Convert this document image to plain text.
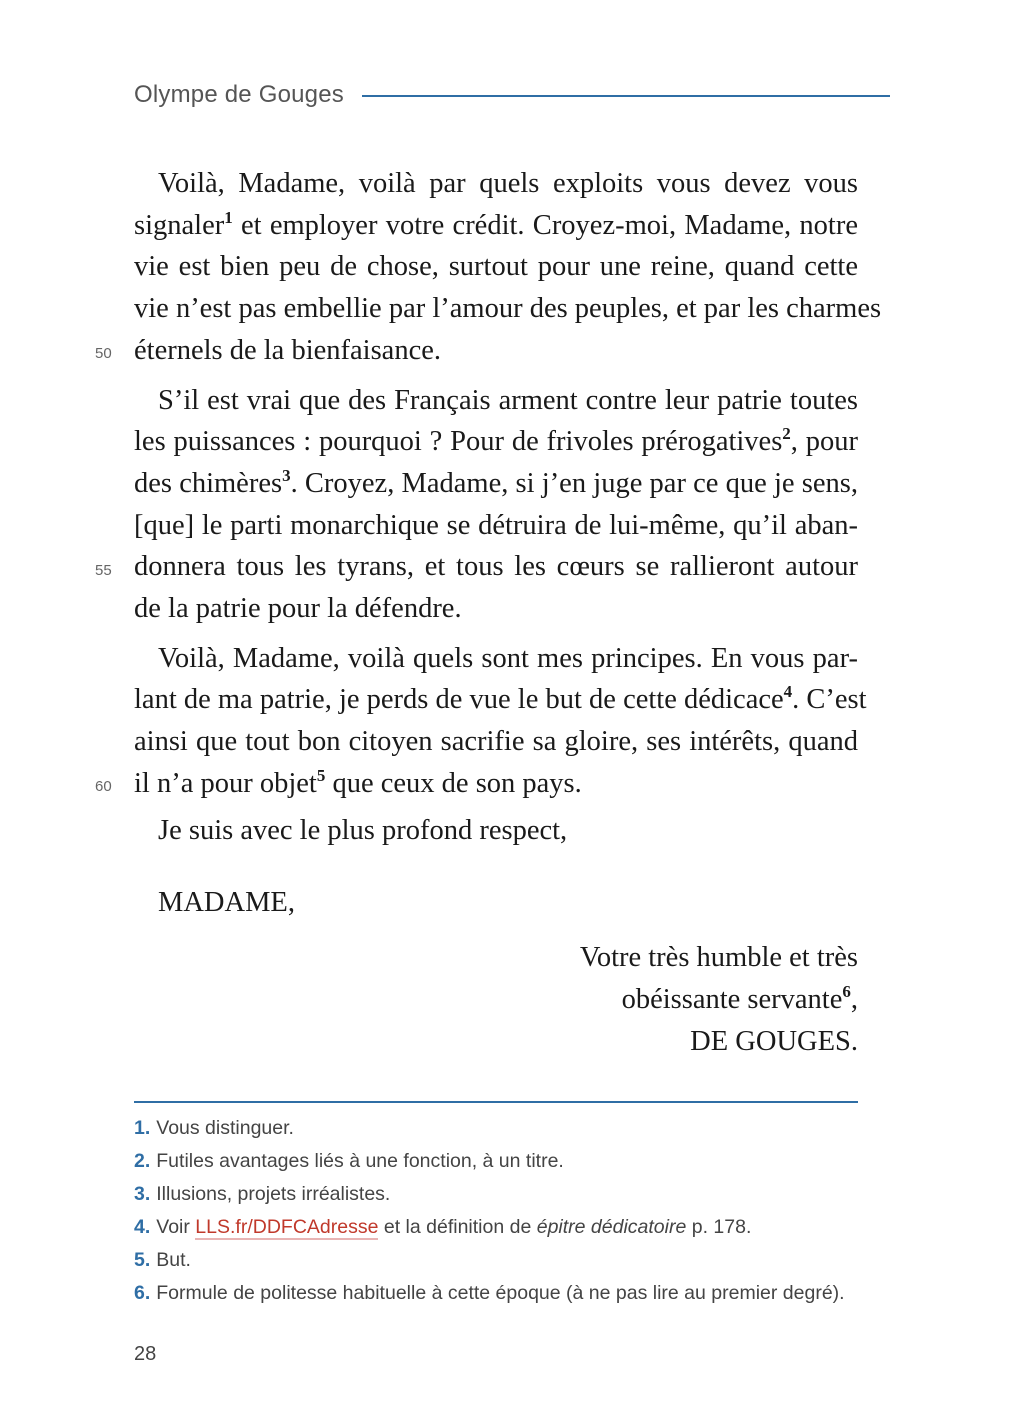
Olympe de Gouges
Voilà, Madame, voilà par quels exploits vous devez vous
signaler$^1$ et employer votre crédit. Croyez-moi, Madame, notre
vie est bien peu de chose, surtout pour une reine, quand cette
vie n’est pas embellie par l’amour des peuples, et par les charmes
éternels de la bienfaisance.
S’il est vrai que des Français arment contre leur patrie toutes
les puissances : pourquoi ? Pour de frivoles prérogatives$^2$, pour
des chimères$^3$. Croyez, Madame, si j’en juge par ce que je sens,
[que] le parti monarchique se détruira de lui-même, qu’il aban-
donnera tous les tyrans, et tous les cœurs se rallieront autour
de la patrie pour la défendre.
Voilà, Madame, voilà quels sont mes principes. En vous par-
lant de ma patrie, je perds de vue le but de cette dédicace$^4$. C’est
ainsi que tout bon citoyen sacrifie sa gloire, ses intérêts, quand
il n’a pour objet$^5$ que ceux de son pays.
50
55
60
Je suis avec le plus profond respect,
MADAME,
Votre très humble et très
obéissante servante$^6$,
DE GOUGES.
1. Vous distinguer.
2. Futiles avantages liés à une fonction, à un titre.
3. Illusions, projets irréalistes.
4. Voir LLS.fr/DDFCAdresse et la définition de épitre dédicatoire p. 178.
5. But.
6. Formule de politesse habituelle à cette époque (à ne pas lire au premier degré).
28
